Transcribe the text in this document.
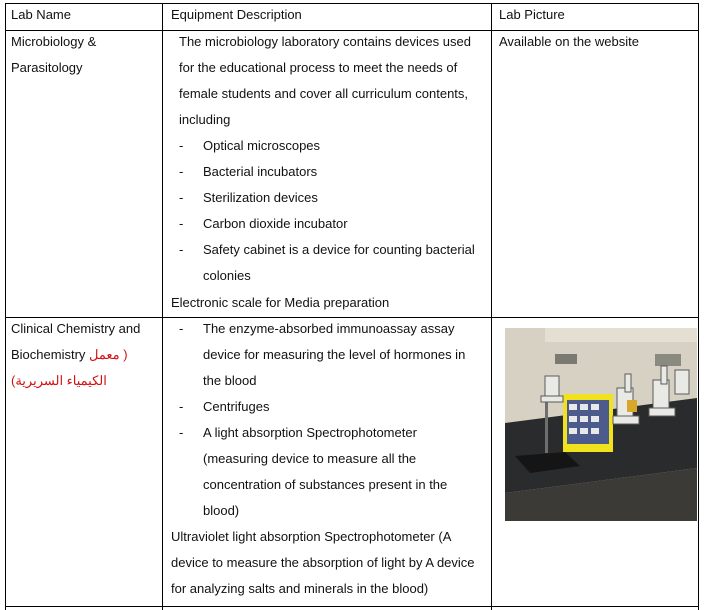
Lab Name	Equipment Description	Lab Picture
Microbiology & Parasitology
The microbiology laboratory contains devices used for the educational process to meet the needs of female students and cover all curriculum contents, including
- Optical microscopes
- Bacterial incubators
- Sterilization devices
- Carbon dioxide incubator
- Safety cabinet is a device for counting bacterial colonies
Electronic scale for Media preparation
Available on the website
Clinical Chemistry and Biochemistry ( معمل الكيمياء السريرية)
- The enzyme-absorbed immunoassay assay device for measuring the level of hormones in the blood
- Centrifuges
- A light absorption Spectrophotometer (measuring device to measure all the concentration of substances present in the blood)
Ultraviolet light absorption Spectrophotometer (A device to measure the absorption of light by A device for analyzing salts and minerals in the blood)
